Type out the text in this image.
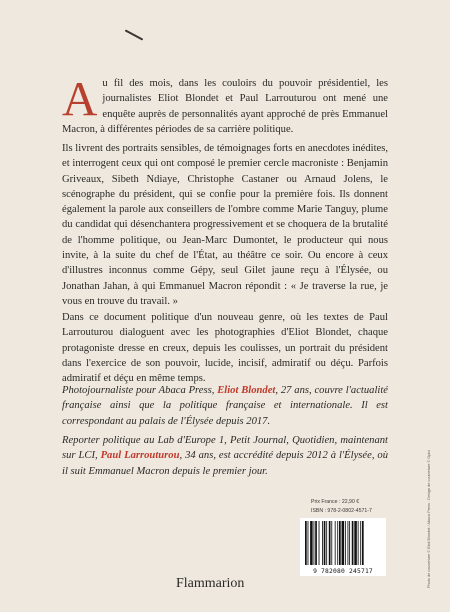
Au fil des mois, dans les couloirs du pouvoir présidentiel, les journalistes Eliot Blondet et Paul Larrouturou ont mené une enquête auprès de personnalités ayant approché de près Emmanuel Macron, à différentes périodes de sa carrière politique.
Ils livrent des portraits sensibles, de témoignages forts en anecdotes inédites, et interrogent ceux qui ont composé le premier cercle macroniste : Benjamin Griveaux, Sibeth Ndiaye, Christophe Castaner ou Arnaud Jolens, le scénographe du président, qui se confie pour la première fois. Ils donnent également la parole aux conseillers de l'ombre comme Marie Tanguy, plume du candidat qui désenchantera progressivement et se choquera de la brutalité de l'homme politique, ou Jean-Marc Dumontet, le producteur qui nous invite, à la suite du chef de l'État, au théâtre ce soir. Ou encore à ceux d'illustres inconnus comme Gépy, seul Gilet jaune reçu à l'Élysée, ou Jonathan Jahan, à qui Emmanuel Macron répondit : « Je traverse la rue, je vous en trouve du travail. »
Dans ce document politique d'un nouveau genre, où les textes de Paul Larrouturou dialoguent avec les photographies d'Eliot Blondet, chaque protagoniste dresse en creux, depuis les coulisses, un portrait du président dans l'exercice de son pouvoir, lucide, incisif, admiratif ou déçu. Parfois admiratif et déçu en même temps.
Photojournaliste pour Abaca Press, Eliot Blondet, 27 ans, couvre l'actualité française ainsi que la politique française et internationale. Il est correspondant au palais de l'Élysée depuis 2017.
Reporter politique au Lab d'Europe 1, Petit Journal, Quotidien, maintenant sur LCI, Paul Larrouturou, 34 ans, est accrédité depuis 2012 à l'Élysée, où il suit Emmanuel Macron depuis le premier jour.
Prix France : 22,90 €
ISBN : 978-2-0802-4571-7
9 782080 245717
Flammarion	Photo de couverture © Eliot Blondet / Abaca Press · Design de couverture © Opixi
